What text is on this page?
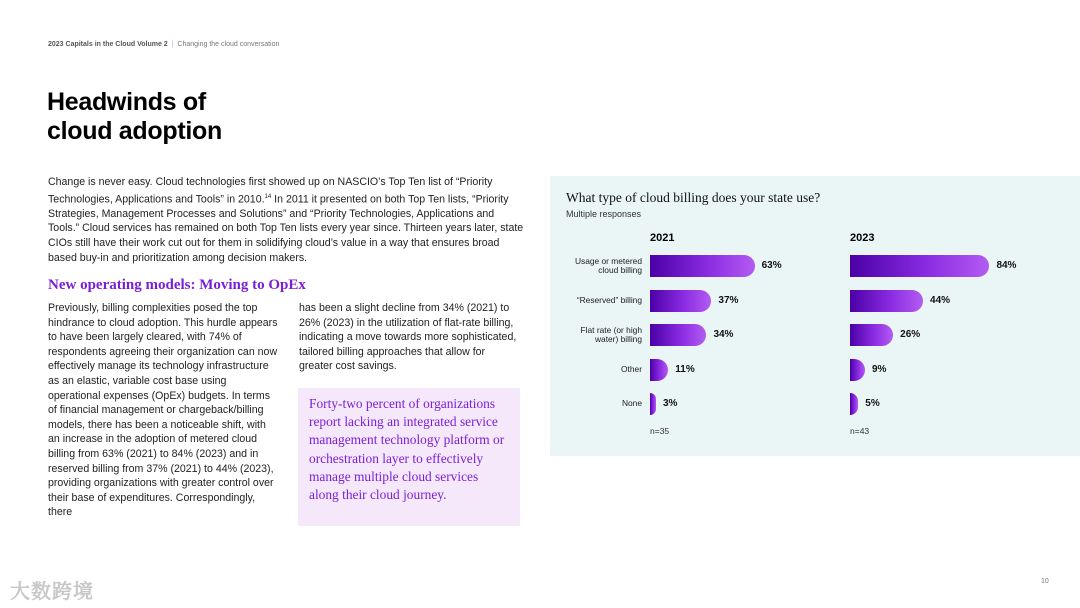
2023 Capitals in the Cloud Volume 2 | Changing the cloud conversation
Headwinds of
cloud adoption

Change is never easy. Cloud technologies first showed up on NASCIO’s Top Ten list of “Priority Technologies, Applications and Tools” in 2010.14 In 2011 it presented on both Top Ten lists, “Priority Strategies, Management Processes and Solutions” and “Priority Technologies, Applications and Tools.” Cloud services has remained on both Top Ten lists every year since. Thirteen years later, state CIOs still have their work cut out for them in solidifying cloud’s value in a way that ensures broad based buy-in and prioritization among decision makers.

New operating models: Moving to OpEx

Previously, billing complexities posed the top hindrance to cloud adoption. This hurdle appears to have been largely cleared, with 74% of respondents agreeing their organization can now effectively manage its technology infrastructure as an elastic, variable cost base using operational expenses (OpEx) budgets. In terms of financial management or chargeback/billing models, there has been a noticeable shift, with an increase in the adoption of metered cloud billing from 63% (2021) to 84% (2023) and in reserved billing from 37% (2021) to 44% (2023), providing organizations with greater control over their base of expenditures. Correspondingly, there

has been a slight decline from 34% (2021) to 26% (2023) in the utilization of flat-rate billing, indicating a move towards more sophisticated, tailored billing approaches that allow for greater cost savings.

Forty-two percent of organizations report lacking an integrated service management technology platform or orchestration layer to effectively manage multiple cloud services along their cloud journey.

What type of cloud billing does your state use?
Multiple responses
Usage or metered
cloud billing
“Reserved” billing
Flat rate (or high
water) billing
Other
None
2021
63%
37%
34%
11%
3%
n=35
2023
84%
44%
26%
9%
5%
n=43
大数跨境	10
